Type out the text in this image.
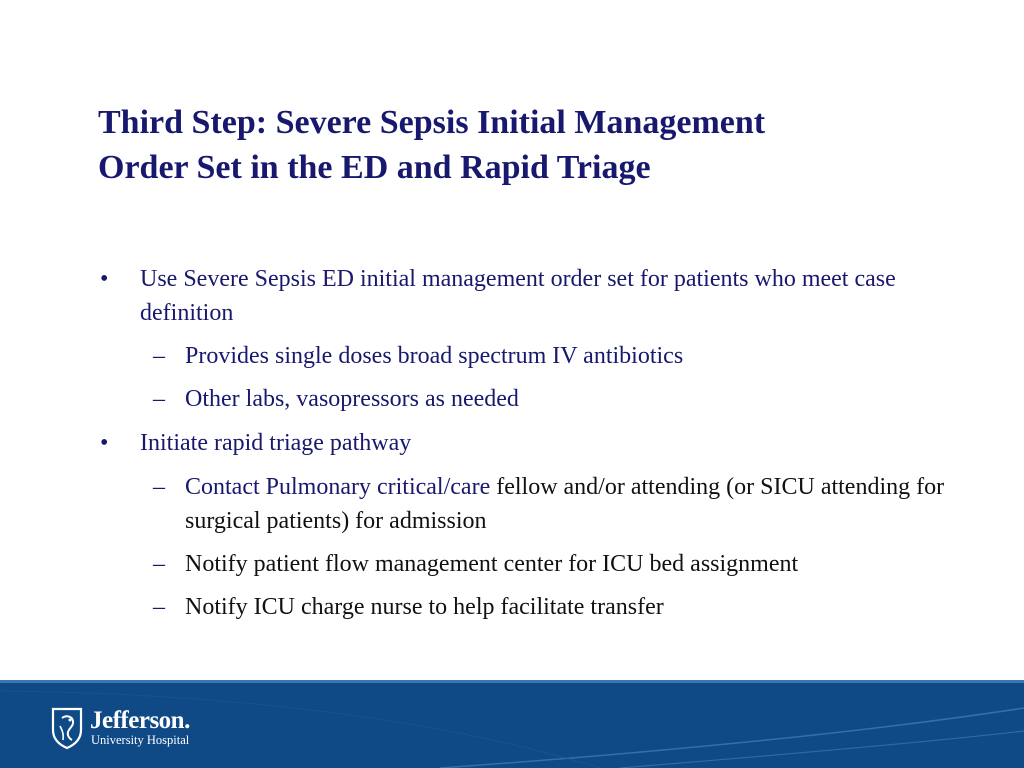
Third Step: Severe Sepsis Initial Management
Order Set in the ED and Rapid Triage

• Use Severe Sepsis ED initial management order set for patients who meet case definition

– Provides single doses broad spectrum IV antibiotics

– Other labs, vasopressors as needed

• Initiate rapid triage pathway

– Contact Pulmonary critical/care fellow and/or attending (or SICU attending for surgical patients) for admission

– Notify patient flow management center for ICU bed assignment

– Notify ICU charge nurse to help facilitate transfer

Jefferson.
University Hospital
